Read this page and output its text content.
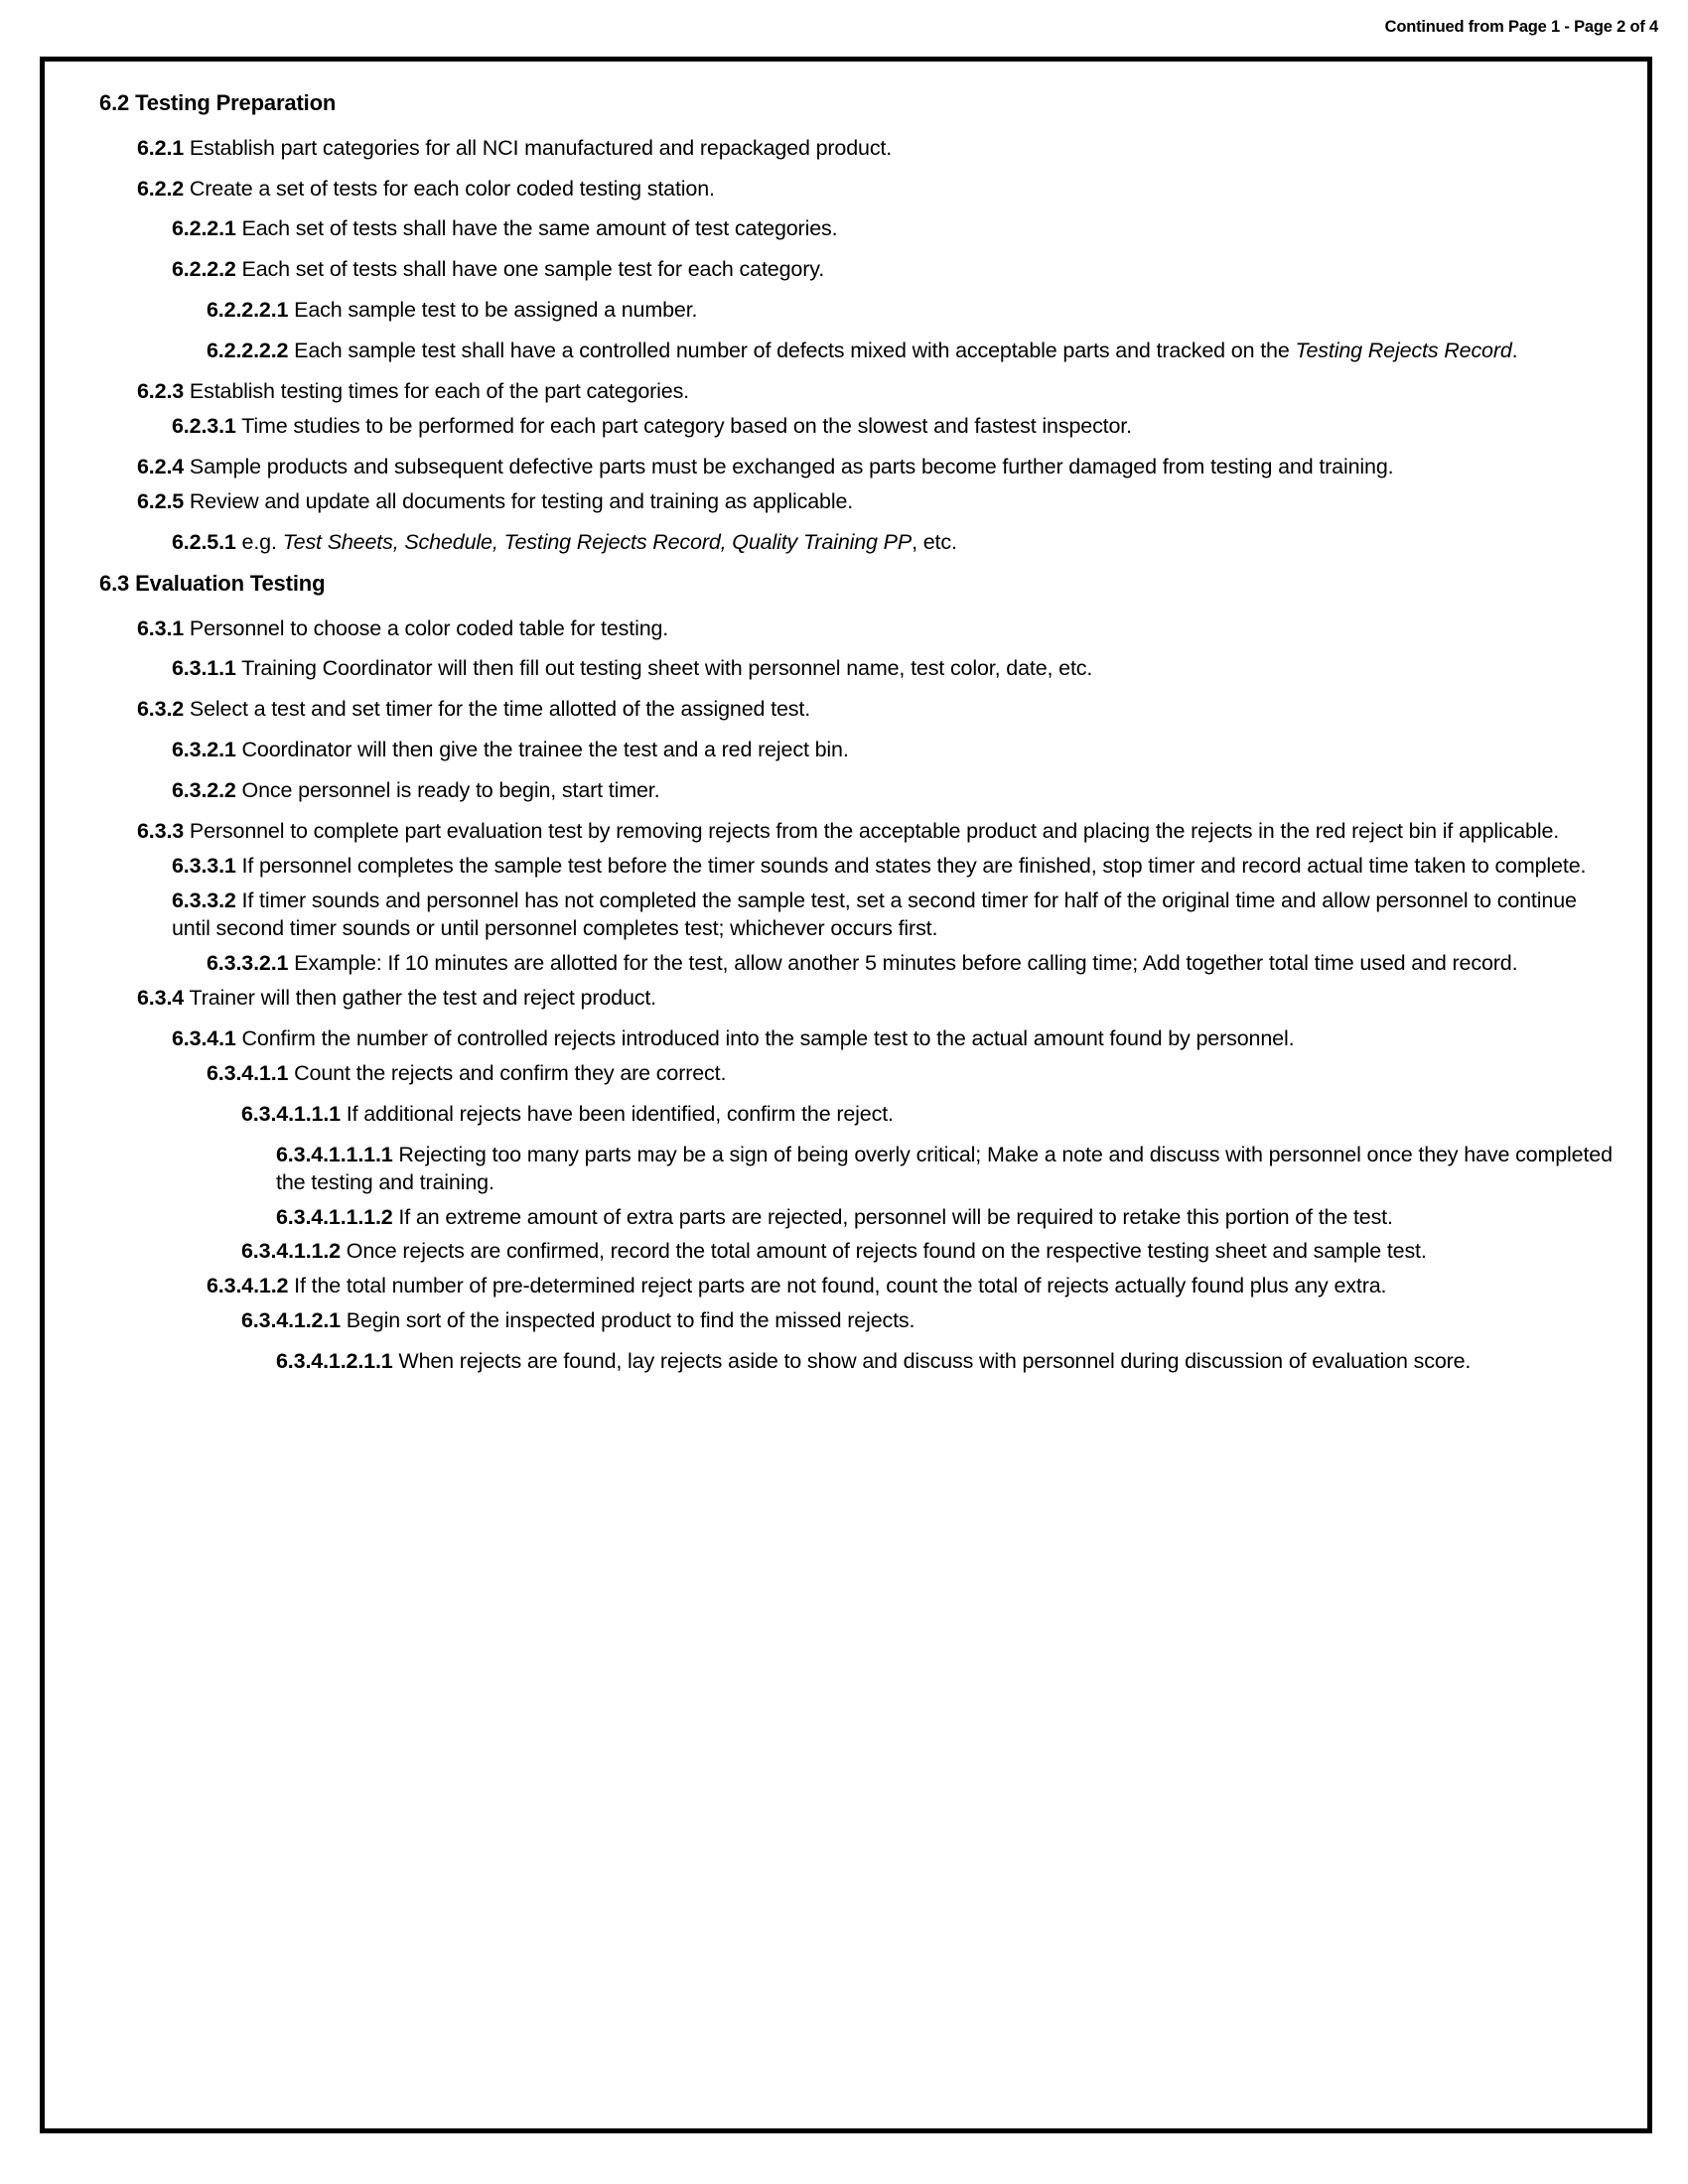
Continued from Page 1 - Page 2 of 4

6.2 Testing Preparation

6.2.1 Establish part categories for all NCI manufactured and repackaged product.

6.2.2 Create a set of tests for each color coded testing station.

6.2.2.1 Each set of tests shall have the same amount of test categories.

6.2.2.2 Each set of tests shall have one sample test for each category.

6.2.2.2.1 Each sample test to be assigned a number.

6.2.2.2.2 Each sample test shall have a controlled number of defects mixed with acceptable parts and tracked on the Testing Rejects Record.

6.2.3 Establish testing times for each of the part categories.

6.2.3.1 Time studies to be performed for each part category based on the slowest and fastest inspector.

6.2.4 Sample products and subsequent defective parts must be exchanged as parts become further damaged from testing and training.

6.2.5 Review and update all documents for testing and training as applicable.

6.2.5.1 e.g. Test Sheets, Schedule, Testing Rejects Record, Quality Training PP, etc.

6.3 Evaluation Testing

6.3.1 Personnel to choose a color coded table for testing.

6.3.1.1 Training Coordinator will then fill out testing sheet with personnel name, test color, date, etc.

6.3.2 Select a test and set timer for the time allotted of the assigned test.

6.3.2.1 Coordinator will then give the trainee the test and a red reject bin.

6.3.2.2 Once personnel is ready to begin, start timer.

6.3.3 Personnel to complete part evaluation test by removing rejects from the acceptable product and placing the rejects in the red reject bin if applicable.

6.3.3.1 If personnel completes the sample test before the timer sounds and states they are finished, stop timer and record actual time taken to complete.

6.3.3.2 If timer sounds and personnel has not completed the sample test, set a second timer for half of the original time and allow personnel to continue until second timer sounds or until personnel completes test; whichever occurs first.

6.3.3.2.1 Example: If 10 minutes are allotted for the test, allow another 5 minutes before calling time; Add together total time used and record.

6.3.4 Trainer will then gather the test and reject product.

6.3.4.1 Confirm the number of controlled rejects introduced into the sample test to the actual amount found by personnel.

6.3.4.1.1 Count the rejects and confirm they are correct.

6.3.4.1.1.1 If additional rejects have been identified, confirm the reject.

6.3.4.1.1.1.1 Rejecting too many parts may be a sign of being overly critical; Make a note and discuss with personnel once they have completed the testing and training.

6.3.4.1.1.1.2 If an extreme amount of extra parts are rejected, personnel will be required to retake this portion of the test.

6.3.4.1.1.2 Once rejects are confirmed, record the total amount of rejects found on the respective testing sheet and sample test.

6.3.4.1.2 If the total number of pre-determined reject parts are not found, count the total of rejects actually found plus any extra.

6.3.4.1.2.1 Begin sort of the inspected product to find the missed rejects.

6.3.4.1.2.1.1 When rejects are found, lay rejects aside to show and discuss with personnel during discussion of evaluation score.
